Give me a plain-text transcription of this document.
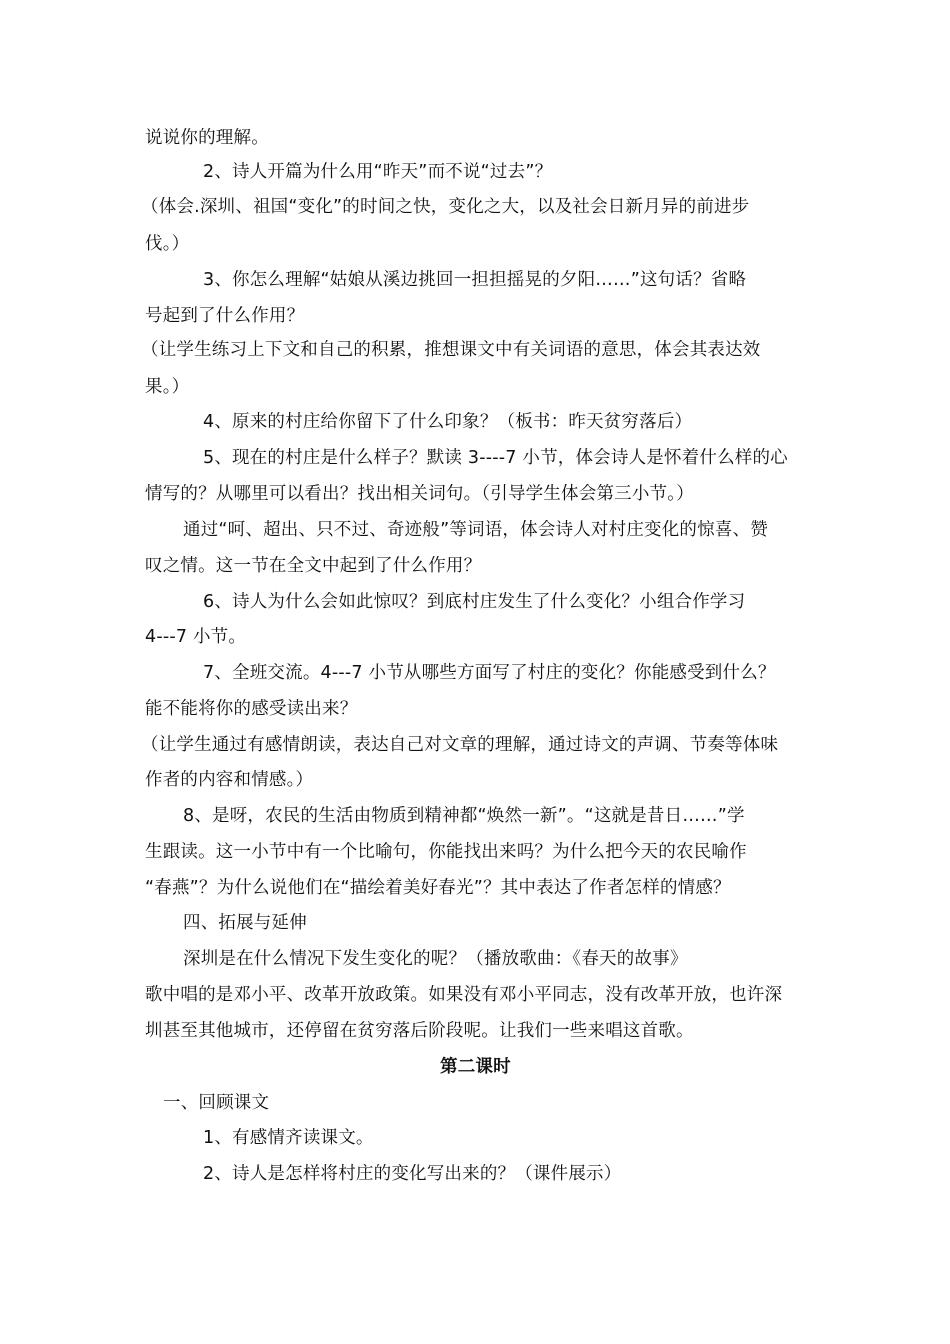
说说你的理解。
2、诗人开篇为什么用“昨天”而不说“过去”？
（体会.深圳、祖国“变化”的时间之快，变化之大，以及社会日新月异的前进步
伐。）
3、你怎么理解“姑娘从溪边挑回一担担摇晃的夕阳……”这句话？省略
号起到了什么作用？
（让学生练习上下文和自己的积累，推想课文中有关词语的意思，体会其表达效
果。）
4、原来的村庄给你留下了什么印象？（板书：昨天贫穷落后）
5、现在的村庄是什么样子？默读 3----7 小节，体会诗人是怀着什么样的心
情写的？从哪里可以看出？找出相关词句。（引导学生体会第三小节。）
通过“呵、超出、只不过、奇迹般”等词语，体会诗人对村庄变化的惊喜、赞
叹之情。这一节在全文中起到了什么作用？
6、诗人为什么会如此惊叹？到底村庄发生了什么变化？小组合作学习
4---7 小节。
7、全班交流。4---7 小节从哪些方面写了村庄的变化？你能感受到什么？
能不能将你的感受读出来？
（让学生通过有感情朗读，表达自己对文章的理解，通过诗文的声调、节奏等体味
作者的内容和情感。）
8、是呀，农民的生活由物质到精神都“焕然一新”。“这就是昔日……”学
生跟读。这一小节中有一个比喻句，你能找出来吗？为什么把今天的农民喻作
“春燕”？为什么说他们在“描绘着美好春光”？其中表达了作者怎样的情感？
四、拓展与延伸
深圳是在什么情况下发生变化的呢？（播放歌曲：《春天的故事》
歌中唱的是邓小平、改革开放政策。如果没有邓小平同志，没有改革开放，也许深
圳甚至其他城市，还停留在贫穷落后阶段呢。让我们一些来唱这首歌。
第二课时
一、回顾课文
1、有感情齐读课文。
2、诗人是怎样将村庄的变化写出来的？（课件展示）
